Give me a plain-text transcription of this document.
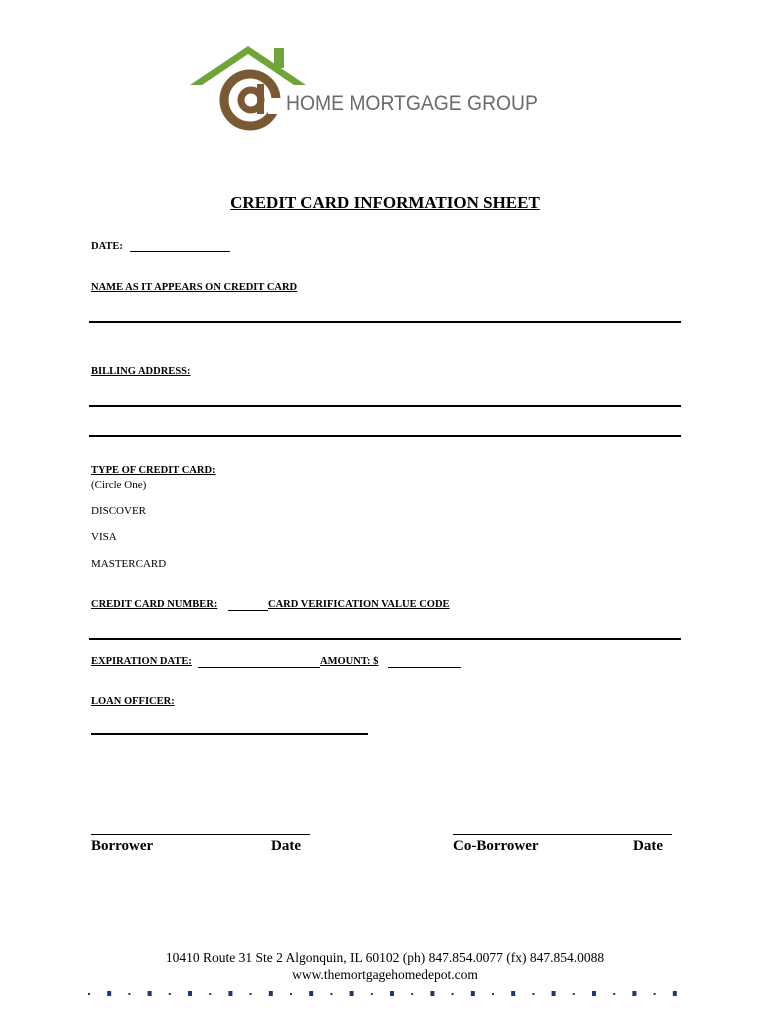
HOME MORTGAGE GROUP
CREDIT CARD INFORMATION SHEET
DATE:
NAME AS IT APPEARS ON CREDIT CARD
BILLING ADDRESS:
TYPE OF CREDIT CARD:
(Circle One)
DISCOVER
VISA
MASTERCARD
CREDIT CARD NUMBER:	CARD VERIFICATION VALUE CODE
EXPIRATION DATE:	AMOUNT: $
LOAN OFFICER:
Borrower	Date	Co-Borrower	Date
10410 Route 31 Ste 2 Algonquin, IL 60102 (ph) 847.854.0077 (fx) 847.854.0088
www.themortgagehomedepot.com
